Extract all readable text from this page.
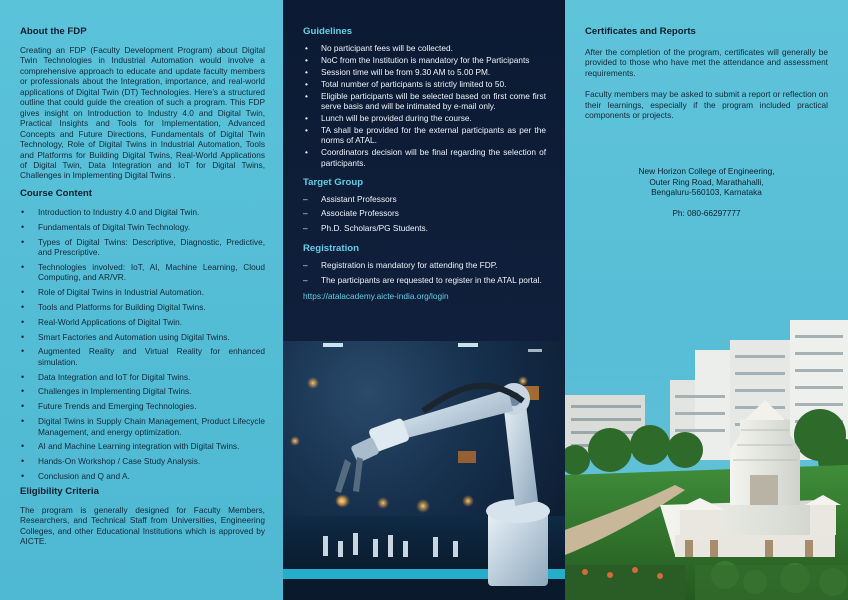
About the FDP

Creating an FDP (Faculty Development Program) about Digital Twin Technologies in Industrial Automation would involve a comprehensive approach to educate and update faculty members or professionals about the Integration, importance, and real-world applications of Digital Twin (DT) Technologies. Here’s a structured outline that could guide the creation of such a program. This FDP gives insight on Introduction to Industry 4.0 and Digital Twin, Practical Insights and Tools for Implementation, Advanced Concepts and Future Directions, Fundamentals of Digital Twin Technology, Role of Digital Twins in Industrial Automation, Tools and Platforms for Building Digital Twins, Real-World Applications of Digital Twin, Data Integration and IoT for Digital Twins, Challenges in Implementing Digital Twins .

Course Content
• Introduction to Industry 4.0 and Digital Twin.
• Fundamentals of Digital Twin Technology.
• Types of Digital Twins: Descriptive, Diagnostic, Predictive, and Prescriptive.
• Technologies involved: IoT, AI, Machine Learning, Cloud Computing, and AR/VR.
• Role of Digital Twins in Industrial Automation.
• Tools and Platforms for Building Digital Twins.
• Real-World Applications of Digital Twin.
• Smart Factories and Automation using Digital Twins.
• Augmented Reality and Virtual Reality for enhanced simulation.
• Data Integration and IoT for Digital Twins.
• Challenges in Implementing Digital Twins.
• Future Trends and Emerging Technologies.
• Digital Twins in Supply Chain Management, Product Lifecycle Management, and energy optimization.
• AI and Machine Learning integration with Digital Twins.
• Hands-On Workshop / Case Study Analysis.
• Conclusion and Q and A.
Eligibility Criteria

The program is generally designed for Faculty Members, Researchers, and Technical Staff from Universities, Engineering Colleges, and other Educational Institutions which is approved by AICTE.

Guidelines
• No participant fees will be collected.
• NoC from the Institution is mandatory for the Participants
• Session time will be from 9.30 AM to 5.00 PM.
• Total number of participants is strictly limited to 50.
• Eligible participants will be selected based on first come first serve basis and will be intimated by e-mail only.
• Lunch will be provided during the course.
• TA shall be provided for the external participants as per the norms of ATAL.
• Coordinators decision will be final regarding the selection of participants.
Target Group
– Assistant Professors
– Associate Professors
– Ph.D. Scholars/PG Students.
Registration
– Registration is mandatory for attending the FDP.
– The participants are requested to register in the ATAL portal.
https://atalacademy.aicte-india.org/login
Certificates and Reports

After the completion of the program, certificates will generally be provided to those who have met the attendance and assessment requirements.

Faculty members may be asked to submit a report or reflection on their learnings, especially if the program included practical components or projects.

New Horizon College of Engineering,
Outer Ring Road, Marathahalli,
Bengaluru-560103, Karnataka
Ph: 080-66297777
